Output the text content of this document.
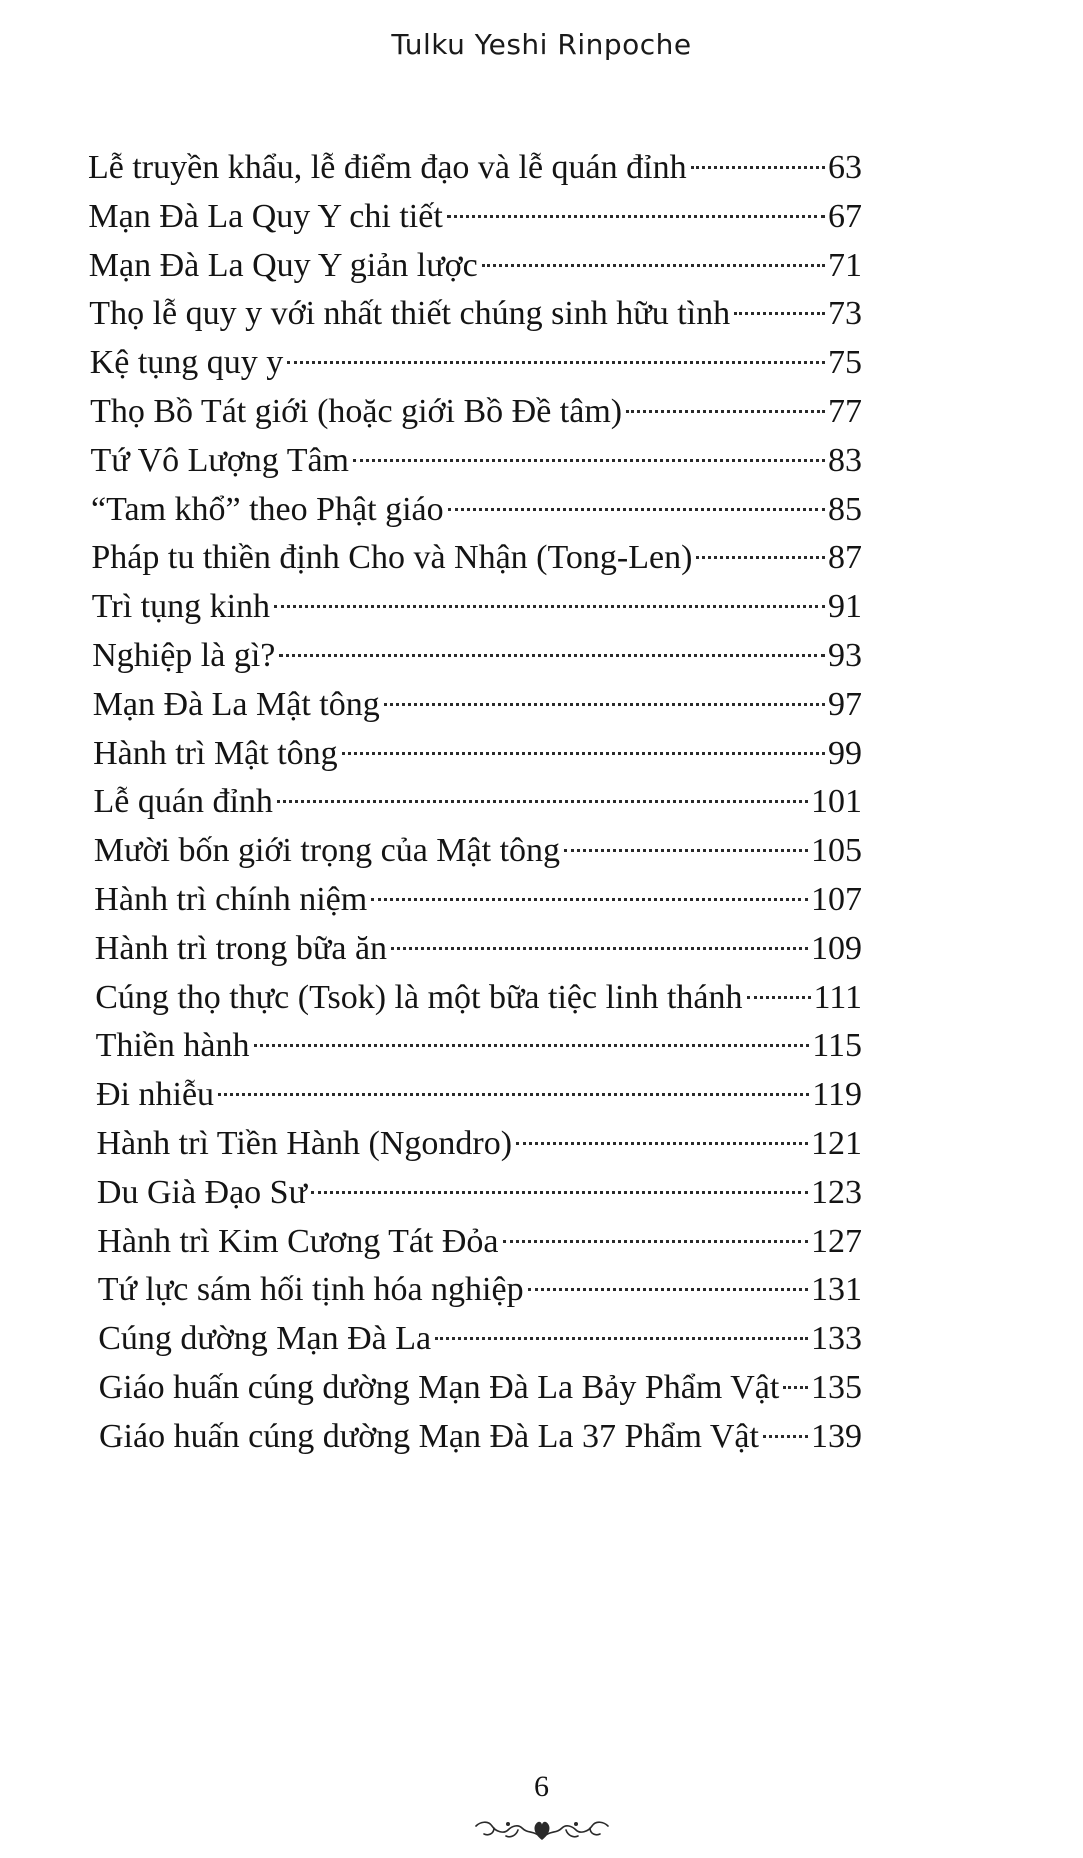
Tulku Yeshi Rinpoche
Lễ truyền khẩu, lễ điểm đạo và lễ quán đỉnh	63
Mạn Đà La Quy Y chi tiết	67
Mạn Đà La Quy Y giản lược	71
Thọ lễ quy y với nhất thiết chúng sinh hữu tình	73
Kệ tụng quy y	75
Thọ Bồ Tát giới (hoặc giới Bồ Đề tâm)	77
Tứ Vô Lượng Tâm	83
“Tam khổ” theo Phật giáo	85
Pháp tu thiền định Cho và Nhận (Tong-Len)	87
Trì tụng kinh	91
Nghiệp là gì?	93
Mạn Đà La Mật tông	97
Hành trì Mật tông	99
Lễ quán đỉnh	101
Mười bốn giới trọng của Mật tông	105
Hành trì chính niệm	107
Hành trì trong bữa ăn	109
Cúng thọ thực (Tsok) là một bữa tiệc linh thánh 111
Thiền hành	115
Đi nhiễu	119
Hành trì Tiền Hành (Ngondro)	121
Du Già Đạo Sư	123
Hành trì Kim Cương Tát Đỏa	127
Tứ lực sám hối tịnh hóa nghiệp	131
Cúng dường Mạn Đà La	133
Giáo huấn cúng dường Mạn Đà La Bảy Phẩm Vật 135
Giáo huấn cúng dường Mạn Đà La 37 Phẩm Vật 139
6
